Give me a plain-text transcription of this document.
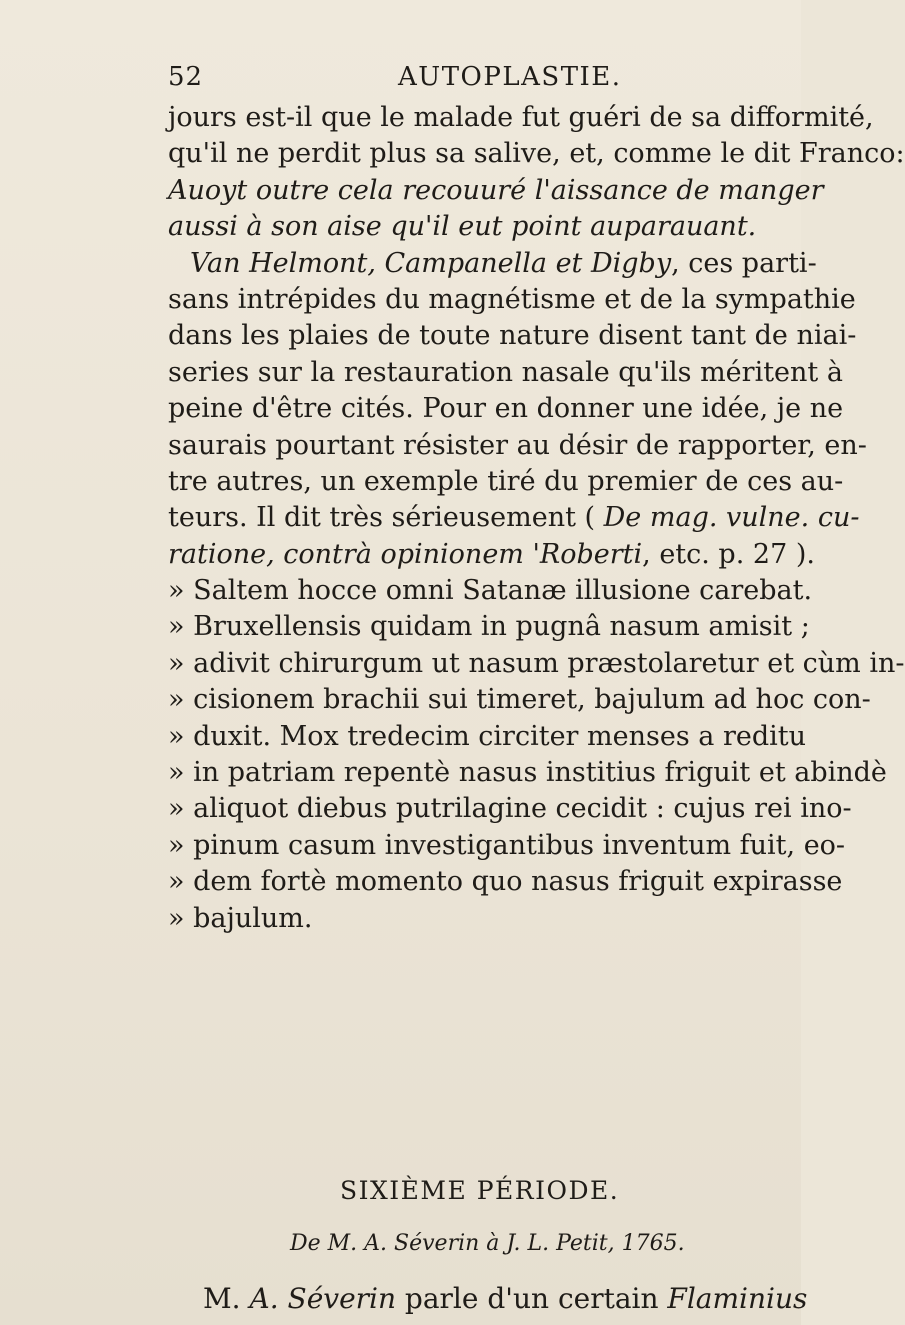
52	AUTOPLASTIE.
jours est-il que le malade fut guéri de sa difformité,
qu'il ne perdit plus sa salive, et, comme le dit Franco:
Auoyt outre cela recouuré l'aissance de manger
aussi à son aise qu'il eut point auparauant.
Van Helmont, Campanella et Digby, ces parti-
sans intrépides du magnétisme et de la sympathie
dans les plaies de toute nature disent tant de niai-
series sur la restauration nasale qu'ils méritent à
peine d'être cités. Pour en donner une idée, je ne
saurais pourtant résister au désir de rapporter, en-
tre autres, un exemple tiré du premier de ces au-
teurs. Il dit très sérieusement ( De mag. vulne. cu-
ratione, contrà opinionem 'Roberti, etc. p. 27 ).
» Saltem hocce omni Satanæ illusione carebat.
» Bruxellensis quidam in pugnâ nasum amisit ;
» adivit chirurgum ut nasum præstolaretur et cùm in-
» cisionem brachii sui timeret, bajulum ad hoc con-
» duxit. Mox tredecim circiter menses a reditu
» in patriam repentè nasus institius friguit et abindè
» aliquot diebus putrilagine cecidit : cujus rei ino-
» pinum casum investigantibus inventum fuit, eo-
» dem fortè momento quo nasus friguit expirasse
» bajulum.
SIXIÈME PÉRIODE.
De M. A. Séverin à J. L. Petit, 1765.
M. A. Séverin parle d'un certain Flaminius
